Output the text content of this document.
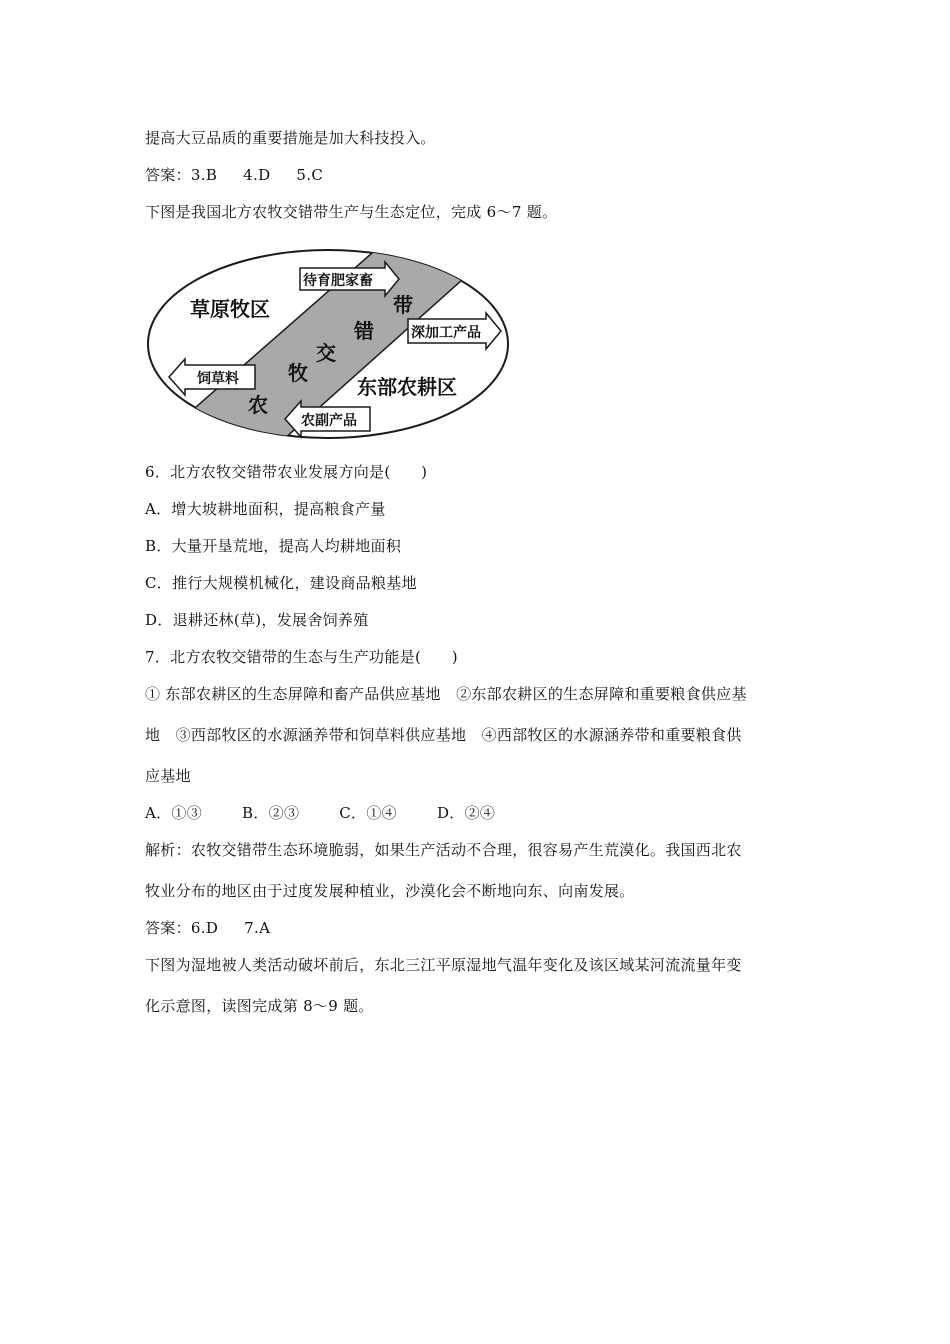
提高大豆品质的重要措施是加大科技投入。
答案：3.B 4.D 5.C
下图是我国北方农牧交错带生产与生态定位，完成 6～7 题。
草原牧区
东部农耕区
农
牧
交
错
带
待育肥家畜
深加工产品
饲草料
农副产品
6．北方农牧交错带农业发展方向是(　　)
A．增大坡耕地面积，提高粮食产量
B．大量开垦荒地，提高人均耕地面积
C．推行大规模机械化，建设商品粮基地
D．退耕还林(草)，发展舍饲养殖
7．北方农牧交错带的生态与生产功能是(　　)
① 东部农耕区的生态屏障和畜产品供应基地　②东部农耕区的生态屏障和重要粮食供应基
地　③西部牧区的水源涵养带和饲草料供应基地　④西部牧区的水源涵养带和重要粮食供
应基地
A．①③	B．②③	C．①④	D．②④
解析：农牧交错带生态环境脆弱，如果生产活动不合理，很容易产生荒漠化。我国西北农
牧业分布的地区由于过度发展种植业，沙漠化会不断地向东、向南发展。
答案：6.D 7.A
下图为湿地被人类活动破坏前后，东北三江平原湿地气温年变化及该区域某河流流量年变
化示意图，读图完成第 8～9 题。
